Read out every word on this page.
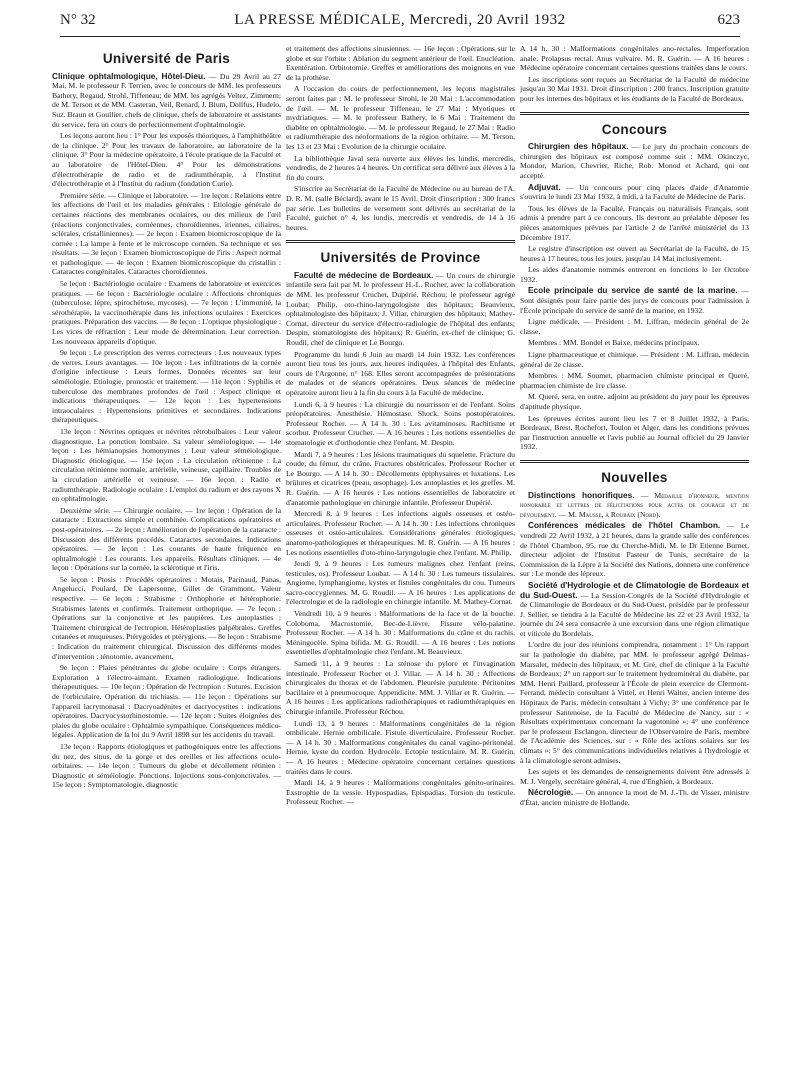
N° 32	LA PRESSE MÉDICALE, Mercredi, 20 Avril 1932	623
Université de Paris

Clinique ophtalmologique, Hôtel-Dieu. — Du 29 Avril au 27 Mai, M. le professeur F. Terrien, avec le concours de MM. les professeurs Bathery, Regaud, Strohl, Tiffeneau; de MM. les agrégés Veltez, Zimmern; de M. Terson et de MM. Casteran, Veil, Renard, J. Blum, Dollfus, Hudelo, Suz. Braun et Goullier, chefs de clinique, chefs de laboratoire et assistants du service, fera un cours de perfectionnement d'ophtalmologie.

Les leçons auront lieu : 1° Pour les exposés théoriques, à l'amphithéâtre de la clinique. 2° Pour les travaux de laboratoire, au laboratoire de la clinique. 3° Pour la médecine opératoire, à l'école pratique de la Faculté et au laboratoire de l'Hôtel-Dieu. 4° Pour les démonstrations d'électrothérapie de radio et de radiumthérapie, à l'Institut d'électrothérapie et à l'Institut du radium (fondation Curie).

Première série. — Clinique et laboratoire. — 1re leçon : Relations entre les affections de l'œil et les maladies générales : Etiologie générale de certaines réactions des membranes oculaires, ou des milieux de l'œil (réactions conjonctivales, cornéennes, choroïdiennes, iriennes, ciliaires, sclérales, cristalliniennes). — 2e leçon : Examen biomicroscopique de la cornée : La lampe à fente et le microscope cornéen. Sa technique et ses résultats. — 3e leçon : Examen biomicroscopique de l'iris : Aspect normal et pathologique. — 4e leçon : Examen biomicroscopique du cristallin : Cataractes congénitales. Cataractes choroïdiennes.

5e leçon : Bactériologie oculaire : Examens de laboratoire et exercices pratiques. — 6e leçon : Bactériologie oculaire : Affections chroniques (tuberculose, lèpre, spirochétose, mycoses). — 7e leçon : L'immunité, la sérothérapie, la vaccinothérapie dans les infections oculaires : Exercices pratiques. Préparation des vaccins. — 8e leçon : L'optique physiologique : Les vices de réfraction : Leur mode de détermination. Leur correction. Les nouveaux appareils d'optique.

9e leçon : Le prescription des verres correcteurs : Les nouveaux types de verres. Leurs avantages. — 10e leçon : Les infiltrations de la cornée d'origine infectieuse : Leurs formes. Données récentes sur leur séméiologie. Etiologie, pronostic et traitement. — 11e leçon : Syphilis et tuberculose des membranes profondes de l'œil : Aspect clinique et indications thérapeutiques. — 12e leçon : Les hypertensions intraoculaires : Hypertensions primitives et secondaires. Indications thérapeutiques.

13e leçon : Névrites optiques et névrites rétrobulbaires : Leur valeur diagnostique. La ponction lombaire. Sa valeur séméiologique. — 14e leçon : Les hémianopsies homonymes : Leur valeur séméiologique. Diagnostic étiologique. — 15e leçon : La circulation rétinienne : La circulation rétinienne normale, artérielle, veineuse, capillaire. Troubles de la circulation artérielle et veineuse. — 16e leçon : Radio et radiumthérapie. Radiologie oculaire : L'emploi du radium et des rayons X en ophtalmologie.

Deuxième série. — Chirurgie oculaire. — 1re leçon : Opération de la cataracte : Extractions simple et combinée. Complications opératoires et post-opératoires. — 2e leçon : Amélioration de l'opération de la cataracte : Discussion des différents procédés. Cataractes secondaires. Indications opératoires. — 3e leçon : Les courants de haute fréquence en ophtalmologie : Les courants. Les appareils. Résultats cliniques. — 4e leçon : Opérations sur la cornée, la sclérotique et l'iris.

5e leçon : Ptosis : Procédés opératoires : Motais, Parinaud, Panas, Angelucci, Poulard, De Lapersonne, Gillet de Grammont, Valeur respective. — 6e leçon : Strabisme : Orthophorie et hétérophorie. Strabismes latents et confirmés. Traitement orthoptique. — 7e leçon : Opérations sur la conjonctive et les paupières. Les autoplasties : Traitement chirurgical de l'ectropion. Hétéroplasties palpébrales. Greffes cutanées et muqueuses. Ptérygoïdes et ptérygions. — 8e leçon : Strabisme : Indication du traitement chirurgical. Discussion des différents modes d'intervention : ténotomie, avancement.

9e leçon : Plaies pénétrantes du globe oculaire : Corps étrangers. Exploration à l'électro-aimant. Examen radiologique. Indications thérapeutiques. — 10e leçon : Opération de l'ectropion : Sutures. Excision de l'orbiculaire. Opération du trichiasis. — 11e leçon : Opérations sur l'appareil lacrymonasal : Dacryoadénites et dacryocystites : indications opératoires. Dacryocystorhinostomie. — 12e leçon : Suites éloignées des plaies du globe oculaire : Ophtalmie sympathique. Conséquences médico-légales. Application de la loi du 9 Avril 1898 sur les accidents du travail.

13e leçon : Rapports étiologiques et pathogéniques entre les affections du nez, des sinus, de la gorge et des oreilles et les affections oculo-orbitaires. — 14e leçon : Tumeurs du globe et décollement rétinien : Diagnostic et séméiologie. Ponctions. Injections sous-conjonctivales. — 15e leçon : Symptomatologie, diagnostic

et traitement des affections sinusiennes. — 16e leçon : Opérations sur le globe et sur l'orbite : Ablation du segment antérieur de l'œil. Enucléation. Exentération. Orbitotomie. Greffes et améliorations des moignons en vue de la prothèse.

A l'occasion du cours de perfectionnement, les leçons magistrales seront faites par : M. le professeur Strohl, le 20 Mai : L'accommodation de l'œil. — M. le professeur Tiffeneau, le 27 Mai : Myotiques et mydriatiques. — M. le professeur Bathery, le 6 Mai : Traitement du diabète en ophtalmologie. — M. le professeur Regaud, le 27 Mai : Radio et radiumthérapie des néoformations de la région orbitaire. — M. Terson, les 13 et 23 Mai : Evolution de la chirurgie oculaire.

La bibliothèque Javal sera ouverte aux élèves les lundis, mercredis, vendredis, de 2 heures à 4 heures. Un certificat sera délivré aux élèves à la fin du cours.

S'inscrire au Secrétariat de la Faculté de Médecine ou au bureau de l'A. D. R. M. (salle Béclard), avant le 15 Avril. Droit d'inscription : 300 francs par série. Les bulletins de versement sont délivrés au secrétariat de la Faculté, guichet n° 4, les lundis, mercredis et vendredis, de 14 à 16 heures.

Universités de Province

Faculté de médecine de Bordeaux. — Un cours de chirurgie infantile sera fait par M. le professeur H.-L. Rocher, avec la collaboration de MM. les professeur Cruchet, Dupérié, Réchou; le professeur agrégé Loubat; Philip, oto-rhino-laryngologiste des hôpitaux; Beauvieux, ophtalmologiste des hôpitaux; J. Villar, chirurgien des hôpitaux; Mathey-Cornat, directeur du service d'électro-radiologie de l'hôpital des enfants; Despin, stomatologiste des hôpitaux; R. Guérin, ex-chef de clinique; G. Roudil, chef de clinique et Le Bourgo.

Programme du lundi 6 Juin au mardi 14 Juin 1932. Les conférences auront lieu tous les jours, aux heures indiquées, à l'hôpital des Enfants, cours de l'Argonne, n° 168. Elles seront accompagnées de présentations de malades et de séances opératoires. Deux séances de médecine opératoire auront lieu à la fin du cours à la Faculté de médecine.

Lundi 6, à 9 heures : La chirurgie du nourrisson et de l'enfant. Soins préopératoires. Anesthésie. Hémostase. Shock. Soins postopératoires. Professeur Rocher. — A 14 h. 30 : Les avitaminoses. Rachitisme et scorbut. Professeur Cruchet. — A 16 heures : Les notions essentielles de stomatologie et d'orthodontie chez l'enfant. M. Despin.

Mardi 7, à 9 heures : Les lésions traumatiques du squelette. Fracture du coude, du fémur, du crâne. Fractures obstétricales. Professeur Rocher et Le Bourgo. — A 14 h. 30 : Décollements épiphysaires et luxations. Les brûlures et cicatrices (peau, œsophage). Les autoplasties et les greffes. M. R. Guérin. — A 16 heures : Les notions essentielles de laboratoire et d'anatomie pathologique en chirurgie infantile. Professeur Dupérié.

Mercredi 8, à 9 heures : Les infections aiguës osseuses et ostéo-articulaires. Professeur Rocher. — A 14 h. 30 : Les infections chroniques osseuses et ostéo-articulaires. Considérations générales étiologiques, anatomo-pathologiques et thérapeutiques. M. R. Guérin. — A 16 heures : Les notions essentielles d'oto-rhino-laryngologie chez l'enfant. M. Philip.

Jeudi 9, à 9 heures : Les tumeurs malignes chez l'enfant (reins, testicules, os). Professeur Loubat. — A 14 h. 30 : Les tumeurs tissulaires. Angiome, lymphangiome, kystes et fistules congénitales du cou. Tumeurs sacro-coccygiennes. M. G. Roudil. — A 16 heures : Les applications de l'électrologie et de la radiologie en chirurgie infantile. M. Mathey-Cornat.

Vendredi 10, à 9 heures : Malformations de la face et de la bouche. Coloboma, Macrostomie, Bec-de-Lièvre, Fissure vélo-palatine. Professeur Rocher. — A 14 h. 30 : Malformations du crâne et du rachis. Méningocèle. Spina bifida. M. G. Roudil. — A 16 heures : Les notions essentielles d'ophtalmologie chez l'enfant. M. Beauvieux.

Samedi 11, à 9 heures : La sténose du pylore et l'invagination intestinale. Professeur Rocher et J. Villar. — A 14 h. 30 : Affections chirurgicales du thorax et de l'abdomen. Pleurésie purulente. Péritonites bacillaire et à pneumocoque. Appendicite. MM. J. Villar et R. Guérin. — A 16 heures : Les applications radiothérapiques et radiumthérapiques en chirurgie infantile. Professeur Réchou.

Lundi 13, à 9 heures : Malformations congénitales de la région ombilicale. Hernie ombilicale. Fistule diverticulaire. Professeur Rocher. — A 14 h. 30 : Malformations congénitales du canal vagino-péritonéal. Hernie, kyste du cordon. Hydrocèle. Ectopie testiculaire. M. R. Guérin. — A 16 heures : Médecine opératoire concernant certaines questions traitées dans le cours.

Mardi 14, à 9 heures : Malformations congénitales génito-urinaires. Exstrophie de la vessie. Hypospadias, Epispadias. Torsion du testicule. Professeur Rocher. —

A 14 h. 30 : Malformations congénitales ano-rectales. Imperforation anale. Prolapsus rectal. Anus vulvaire. M. R. Guérin. — A 16 heures : Médecine opératoire concernant certaines questions traitées dans le cours.

Les inscriptions sont reçues au Secrétariat de la Faculté de médecine jusqu'au 30 Mai 1931. Droit d'inscription : 200 francs. Inscription gratuite pour les internes des hôpitaux et les étudiants de la Faculté de Bordeaux.

Concours

Chirurgien des hôpitaux. — Le jury du prochain concours de chirurgien des hôpitaux est composé comme suit : MM. Okinczyc, Mondor, Marion, Chevrier, Riche, Rob. Monod et Achard, qui ont accepté.

Adjuvat. — Un concours pour cinq places d'aide d'Anatomie s'ouvrira le lundi 23 Mai 1932, à midi, à la Faculté de Médecine de Paris.

Tous les élèves de la Faculté, Français ou naturalisés Français, sont admis à prendre part à ce concours. Ils devront au préalable déposer les pièces anatomiques prévues par l'article 2 de l'arrêté ministériel du 13 Décembre 1917.

Le registre d'inscription est ouvert au Secrétariat de la Faculté, de 15 heures à 17 heures, tous les jours, jusqu'au 14 Mai inclusivement.

Les aides d'anatomie nommés entreront en fonctions le 1er Octobre 1932.

Ecole principale du service de santé de la marine. — Sont désignés pour faire partie des jurys de concours pour l'admission à l'École principale du service de santé de la marine, en 1932.

Ligne médicale. — Président : M. Liffran, médecin général de 2e classe.

Membres : MM. Bondel et Baixe, médecins principaux.

Ligne pharmaceutique et chimique. — Président : M. Liffran, médecin général de 2e classe.

Membres : MM. Soumet, pharmacien chimiste principal et Queré, pharmacien chimiste de 1re classe.

M. Queré, sera, en outre, adjoint au président du jury pour les épreuves d'aptitude physique.

Les épreuves écrites auront lieu les 7 et 8 Juillet 1932, à Paris, Bordeaux, Brest, Rochefort, Toulon et Alger, dans les conditions prévues par l'instruction annuelle et l'avis publié au Journal officiel du 29 Janvier 1932.

Nouvelles

Distinctions honorifiques. — Médaille d'honneur, mention honorable et lettres de félicitations pour actes de courage et de dévouement. — M. Mausse, à Roubaix (Nord).

Conférences médicales de l'hôtel Chambon. — Le vendredi 22 Avril 1932, à 21 heures, dans la grande salle des conférences de l'hôtel Chambon, 95, rue du Cherche-Midi, M. le Dr Etienne Burnet, directeur adjoint de l'Institut Pasteur de Tunis, secrétaire de la Commission de la Lèpre à la Société des Nations, donnera une conférence sur : Le monde des lépreux.

Société d'Hydrologie et de Climatologie de Bordeaux et du Sud-Ouest. — La Session-Congrès de la Société d'Hydrologie et de Climatologie de Bordeaux et du Sud-Ouest, présidée par le professeur J. Sellier, se tiendra à la Faculté de Médecine les 22 et 23 Avril 1932, la journée du 24 sera consacrée à une excursion dans une région climatique et viticole du Bordelais.

L'ordre du jour des réunions comprendra, notamment : 1° Un rapport sur la pathologie du diabète, par MM. le professeur agrégé Delmas-Marsalet, médecin des hôpitaux, et M. Gré, chef de clinique à la Faculté de Bordeaux; 2° un rapport sur le traitement hydrominéral du diabète, par MM. Henri Paillard, professeur à l'École de plein exercice de Clermont-Ferrand, médecin consultant à Vittel, et Henri Walter, ancien interne des Hôpitaux de Paris, médecin consultant à Vichy; 3° une conférence par le professeur Santenoise, de la Faculté de Médecine de Nancy, sur : « Résultats expérimentaux concernant la vagotonine »; 4° une conférence par le professeur Esclangon, directeur de l'Observatoire de Paris, membre de l'Académie des Sciences, sur : « Rôle des actions solaires sur les climats »; 5° des communications individuelles relatives à l'hydrologie et à la climatologie seront admises.

Les sujets et les demandes de renseignements doivent être adressés à M. J. Vergely, secrétaire général, 4, rue d'Enghien, à Bordeaux.

Nécrologie. — On annonce la mort de M. J.-Th. de Visser, ministre d'État, ancien ministre de Hollande.
